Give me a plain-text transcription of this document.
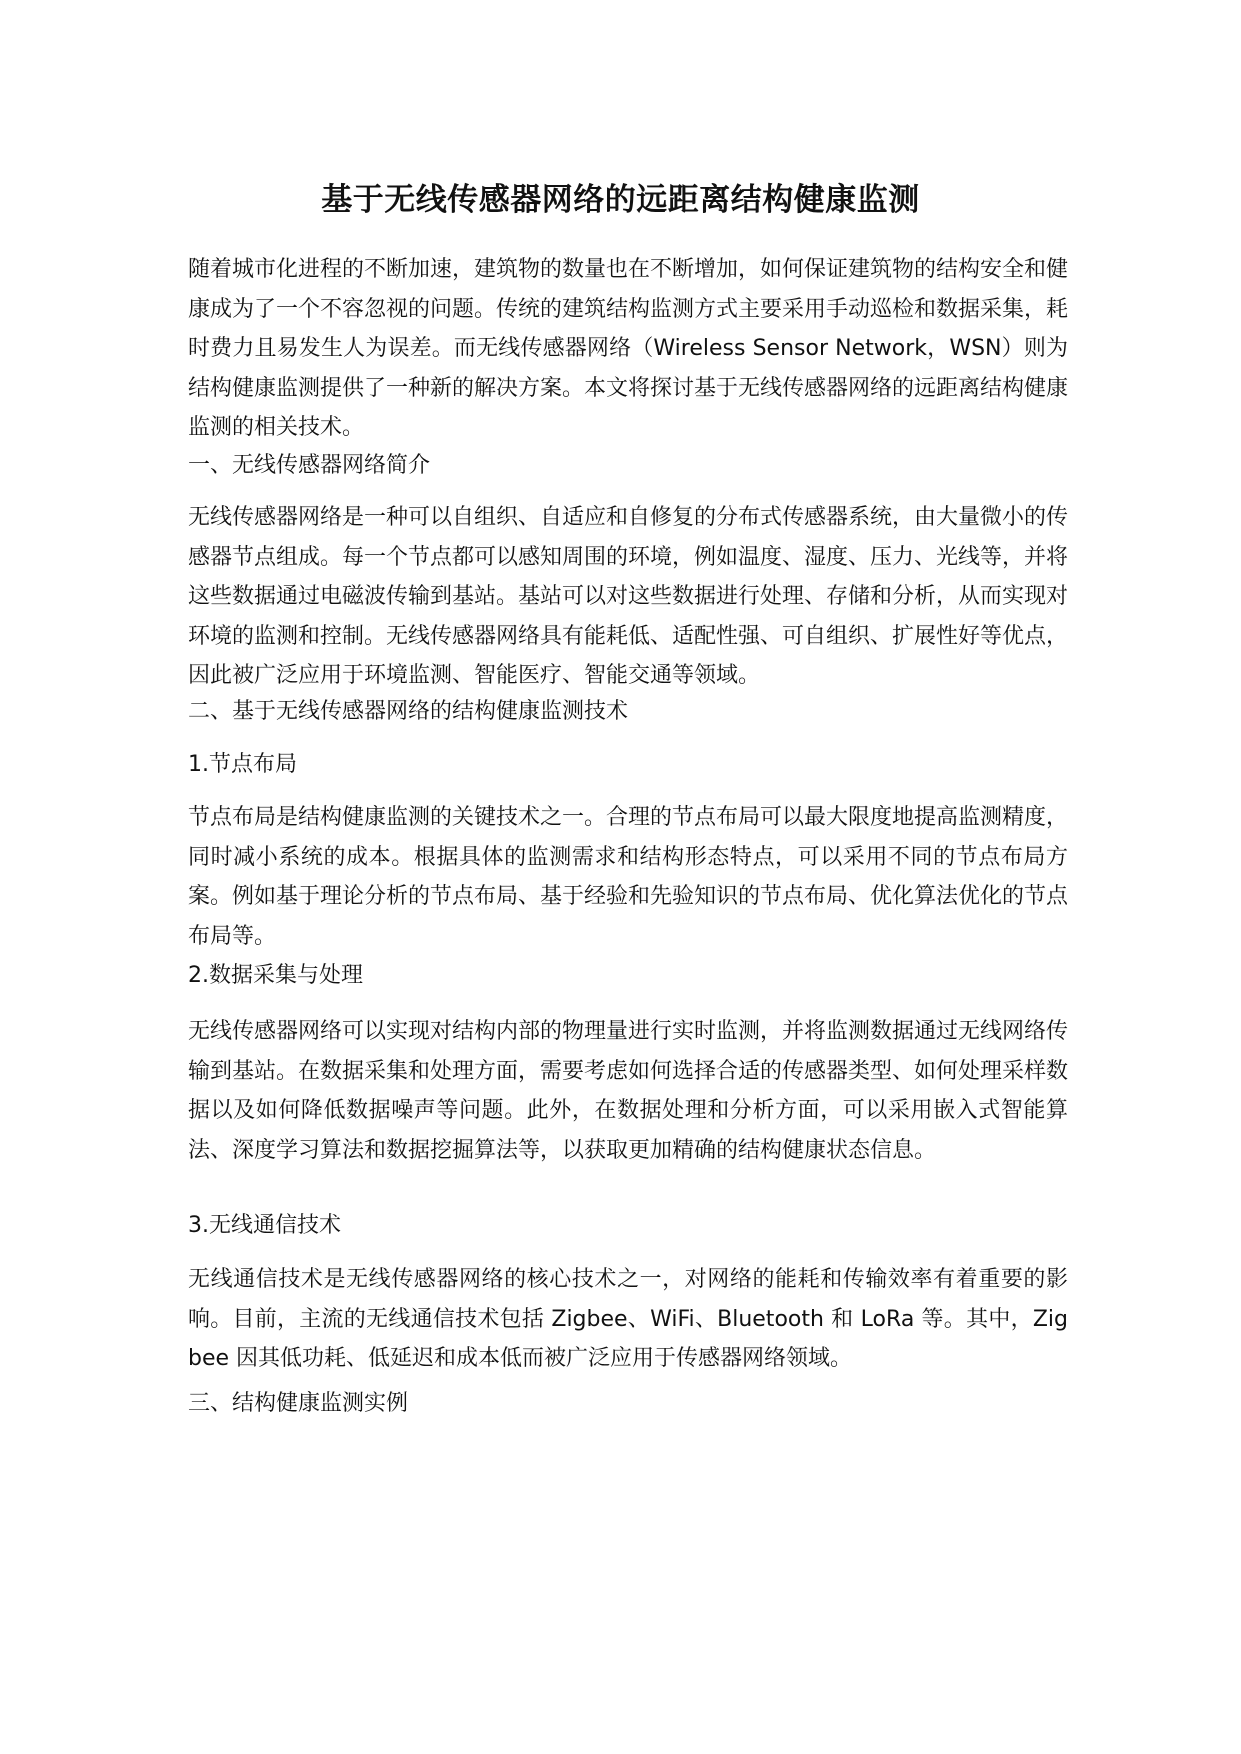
基于无线传感器网络的远距离结构健康监测

随着城市化进程的不断加速，建筑物的数量也在不断增加，如何保证建筑物的结构安全和健康成为了一个不容忽视的问题。传统的建筑结构监测方式主要采用手动巡检和数据采集，耗时费力且易发生人为误差。而无线传感器网络（Wireless Sensor Network，WSN）则为结构健康监测提供了一种新的解决方案。本文将探讨基于无线传感器网络的远距离结构健康监测的相关技术。

一、无线传感器网络简介

无线传感器网络是一种可以自组织、自适应和自修复的分布式传感器系统，由大量微小的传感器节点组成。每一个节点都可以感知周围的环境，例如温度、湿度、压力、光线等，并将这些数据通过电磁波传输到基站。基站可以对这些数据进行处理、存储和分析，从而实现对环境的监测和控制。无线传感器网络具有能耗低、适配性强、可自组织、扩展性好等优点，因此被广泛应用于环境监测、智能医疗、智能交通等领域。

二、基于无线传感器网络的结构健康监测技术

1.节点布局

节点布局是结构健康监测的关键技术之一。合理的节点布局可以最大限度地提高监测精度，同时减小系统的成本。根据具体的监测需求和结构形态特点，可以采用不同的节点布局方案。例如基于理论分析的节点布局、基于经验和先验知识的节点布局、优化算法优化的节点布局等。

2.数据采集与处理

无线传感器网络可以实现对结构内部的物理量进行实时监测，并将监测数据通过无线网络传输到基站。在数据采集和处理方面，需要考虑如何选择合适的传感器类型、如何处理采样数据以及如何降低数据噪声等问题。此外，在数据处理和分析方面，可以采用嵌入式智能算法、深度学习算法和数据挖掘算法等，以获取更加精确的结构健康状态信息。

3.无线通信技术

无线通信技术是无线传感器网络的核心技术之一，对网络的能耗和传输效率有着重要的影响。目前，主流的无线通信技术包括 Zigbee、WiFi、Bluetooth 和 LoRa 等。其中，Zigbee 因其低功耗、低延迟和成本低而被广泛应用于传感器网络领域。

三、结构健康监测实例
